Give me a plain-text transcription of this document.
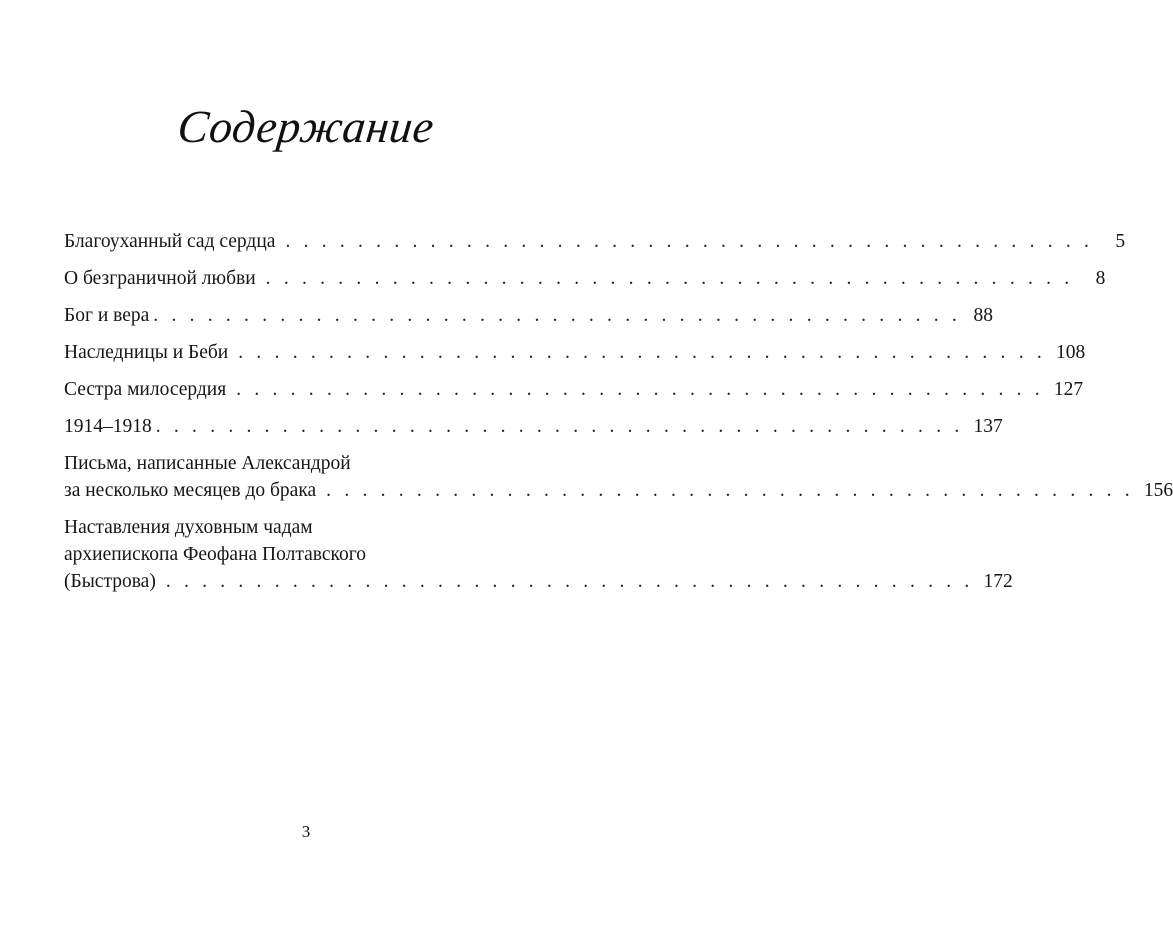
Содержание
Благоуханный сад сердца . . . . . . . . . . . . . . . . . . . . . . . . . . . . . . . . . . . . . . . . . . . . .	5
О безграничной любви . . . . . . . . . . . . . . . . . . . . . . . . . . . . . . . . . . . . . . . . . . . . .	8
Бог и вера . . . . . . . . . . . . . . . . . . . . . . . . . . . . . . . . . . . . . . . . . . . . . 88
Наследницы и Беби . . . . . . . . . . . . . . . . . . . . . . . . . . . . . . . . . . . . . . . . . . . . . 108
Сестра милосердия . . . . . . . . . . . . . . . . . . . . . . . . . . . . . . . . . . . . . . . . . . . . . 127
1914–1918 . . . . . . . . . . . . . . . . . . . . . . . . . . . . . . . . . . . . . . . . . . . . . 137
Письма, написанные Александрой
за несколько месяцев до брака . . . . . . . . . . . . . . . . . . . . . . . . . . . . . . . . . . . . . . . . . . . . . 156
Наставления духовным чадам
архиепископа Феофана Полтавского
(Быстрова) . . . . . . . . . . . . . . . . . . . . . . . . . . . . . . . . . . . . . . . . . . . . . 172
3
